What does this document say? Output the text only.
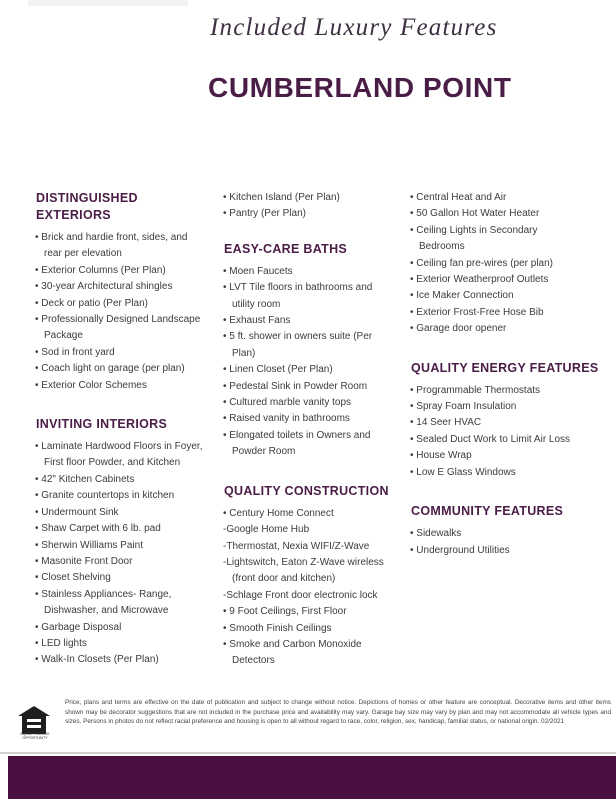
Included Luxury Features
CUMBERLAND POINT
DISTINGUISHED
EXTERIORS
• Brick and hardie front, sides, and
rear per elevation
• Exterior Columns (Per Plan)
• 30-year Architectural shingles
• Deck or patio (Per Plan)
• Professionally Designed Landscape
Package
• Sod in front yard
• Coach light on garage (per plan)
• Exterior Color Schemes
INVITING INTERIORS
• Laminate Hardwood Floors in Foyer,
First floor Powder, and Kitchen
• 42" Kitchen Cabinets
• Granite countertops in kitchen
• Undermount Sink
• Shaw Carpet with 6 lb. pad
• Sherwin Williams Paint
• Masonite Front Door
• Closet Shelving
• Stainless Appliances- Range,
Dishwasher, and Microwave
• Garbage Disposal
• LED lights
• Walk-In Closets (Per Plan)
• Kitchen Island (Per Plan)
• Pantry (Per Plan)
EASY-CARE BATHS
• Moen Faucets
• LVT Tile floors in bathrooms and
utility room
• Exhaust Fans
• 5 ft. shower in owners suite (Per
Plan)
• Linen Closet (Per Plan)
• Pedestal Sink in Powder Room
• Cultured marble vanity tops
• Raised vanity in bathrooms
• Elongated toilets in Owners and
Powder Room
QUALITY CONSTRUCTION
• Century Home Connect
-Google Home Hub
-Thermostat, Nexia WIFI/Z-Wave
-Lightswitch, Eaton Z-Wave wireless
(front door and kitchen)
-Schlage Front door electronic lock
• 9 Foot Ceilings, First Floor
• Smooth Finish Ceilings
• Smoke and Carbon Monoxide
Detectors
• Central Heat and Air
• 50 Gallon Hot Water Heater
• Ceiling Lights in Secondary
Bedrooms
• Ceiling fan pre-wires (per plan)
• Exterior Weatherproof Outlets
• Ice Maker Connection
• Exterior Frost-Free Hose Bib
• Garage door opener
QUALITY ENERGY FEATURES
• Programmable Thermostats
• Spray Foam Insulation
• 14 Seer HVAC
• Sealed Duct Work to Limit Air Loss
• House Wrap
• Low E Glass Windows
COMMUNITY FEATURES
• Sidewalks
• Underground Utilities
EQUAL HOUSING OPPORTUNITY
Price, plans and terms are effective on the date of publication and subject to change without notice. Depictions of homes or other feature are conceptual. Decorative items and other items shown may be decorator suggestions that are not included in the purchase price and availability may vary. Garage bay size may vary by plan and may not accommodate all vehicle types and sizes. Persons in photos do not reflect racial preference and housing is open to all without regard to race, color, religion, sex, handicap, familial status, or national origin. 02/2021
